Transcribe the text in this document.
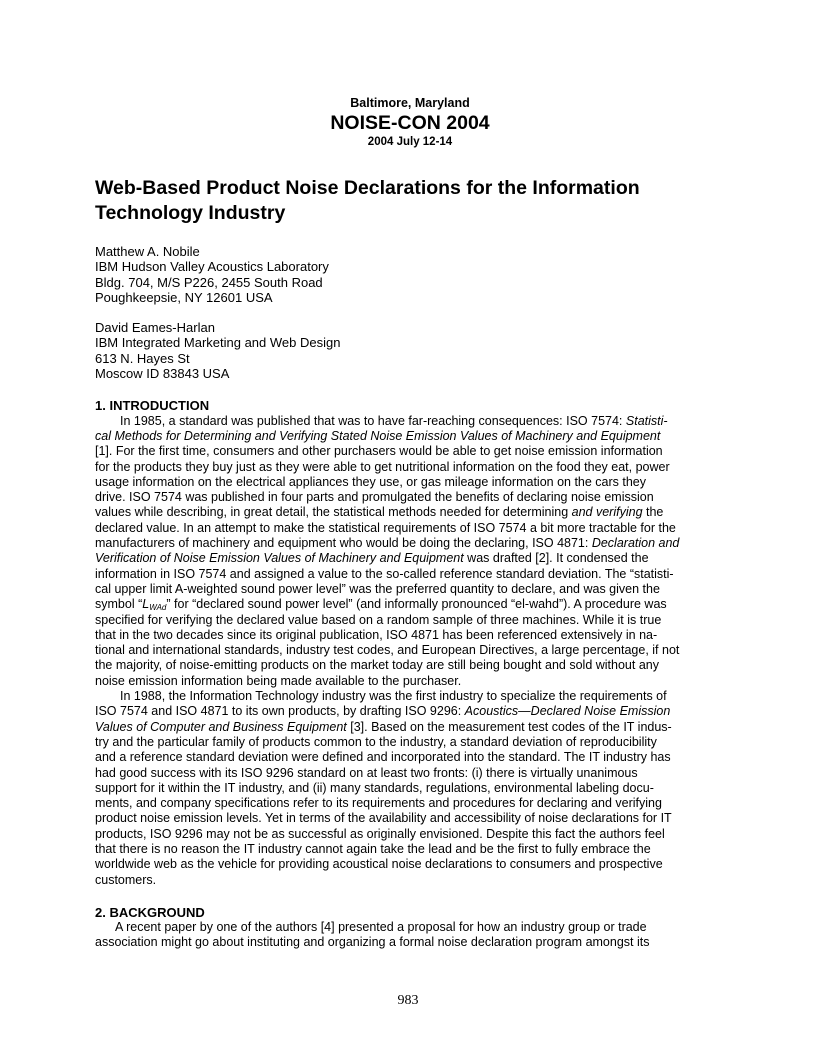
Baltimore, Maryland
NOISE-CON 2004
2004 July 12-14
Web-Based Product Noise Declarations for the Information
Technology Industry
Matthew A. Nobile
IBM Hudson Valley Acoustics Laboratory
Bldg. 704, M/S P226, 2455 South Road
Poughkeepsie, NY 12601 USA
David Eames-Harlan
IBM Integrated Marketing and Web Design
613 N. Hayes St
Moscow ID 83843 USA
1. INTRODUCTION

In 1985, a standard was published that was to have far-reaching consequences: ISO 7574: Statisti-
cal Methods for Determining and Verifying Stated Noise Emission Values of Machinery and Equipment
[1]. For the first time, consumers and other purchasers would be able to get noise emission information
for the products they buy just as they were able to get nutritional information on the food they eat, power
usage information on the electrical appliances they use, or gas mileage information on the cars they
drive. ISO 7574 was published in four parts and promulgated the benefits of declaring noise emission
values while describing, in great detail, the statistical methods needed for determining and verifying the
declared value. In an attempt to make the statistical requirements of ISO 7574 a bit more tractable for the
manufacturers of machinery and equipment who would be doing the declaring, ISO 4871: Declaration and
Verification of Noise Emission Values of Machinery and Equipment was drafted [2]. It condensed the
information in ISO 7574 and assigned a value to the so-called reference standard deviation. The “statisti-
cal upper limit A-weighted sound power level” was the preferred quantity to declare, and was given the
symbol “$L_{WAd}$” for “declared sound power level” (and informally pronounced “el-wahd”). A procedure was
specified for verifying the declared value based on a random sample of three machines. While it is true
that in the two decades since its original publication, ISO 4871 has been referenced extensively in na-
tional and international standards, industry test codes, and European Directives, a large percentage, if not
the majority, of noise-emitting products on the market today are still being bought and sold without any
noise emission information being made available to the purchaser.

In 1988, the Information Technology industry was the first industry to specialize the requirements of
ISO 7574 and ISO 4871 to its own products, by drafting ISO 9296: Acoustics—Declared Noise Emission
Values of Computer and Business Equipment [3]. Based on the measurement test codes of the IT indus-
try and the particular family of products common to the industry, a standard deviation of reproducibility
and a reference standard deviation were defined and incorporated into the standard. The IT industry has
had good success with its ISO 9296 standard on at least two fronts: (i) there is virtually unanimous
support for it within the IT industry, and (ii) many standards, regulations, environmental labeling docu-
ments, and company specifications refer to its requirements and procedures for declaring and verifying
product noise emission levels. Yet in terms of the availability and accessibility of noise declarations for IT
products, ISO 9296 may not be as successful as originally envisioned. Despite this fact the authors feel
that there is no reason the IT industry cannot again take the lead and be the first to fully embrace the
worldwide web as the vehicle for providing acoustical noise declarations to consumers and prospective
customers.

2. BACKGROUND

A recent paper by one of the authors [4] presented a proposal for how an industry group or trade
association might go about instituting and organizing a formal noise declaration program amongst its

983
